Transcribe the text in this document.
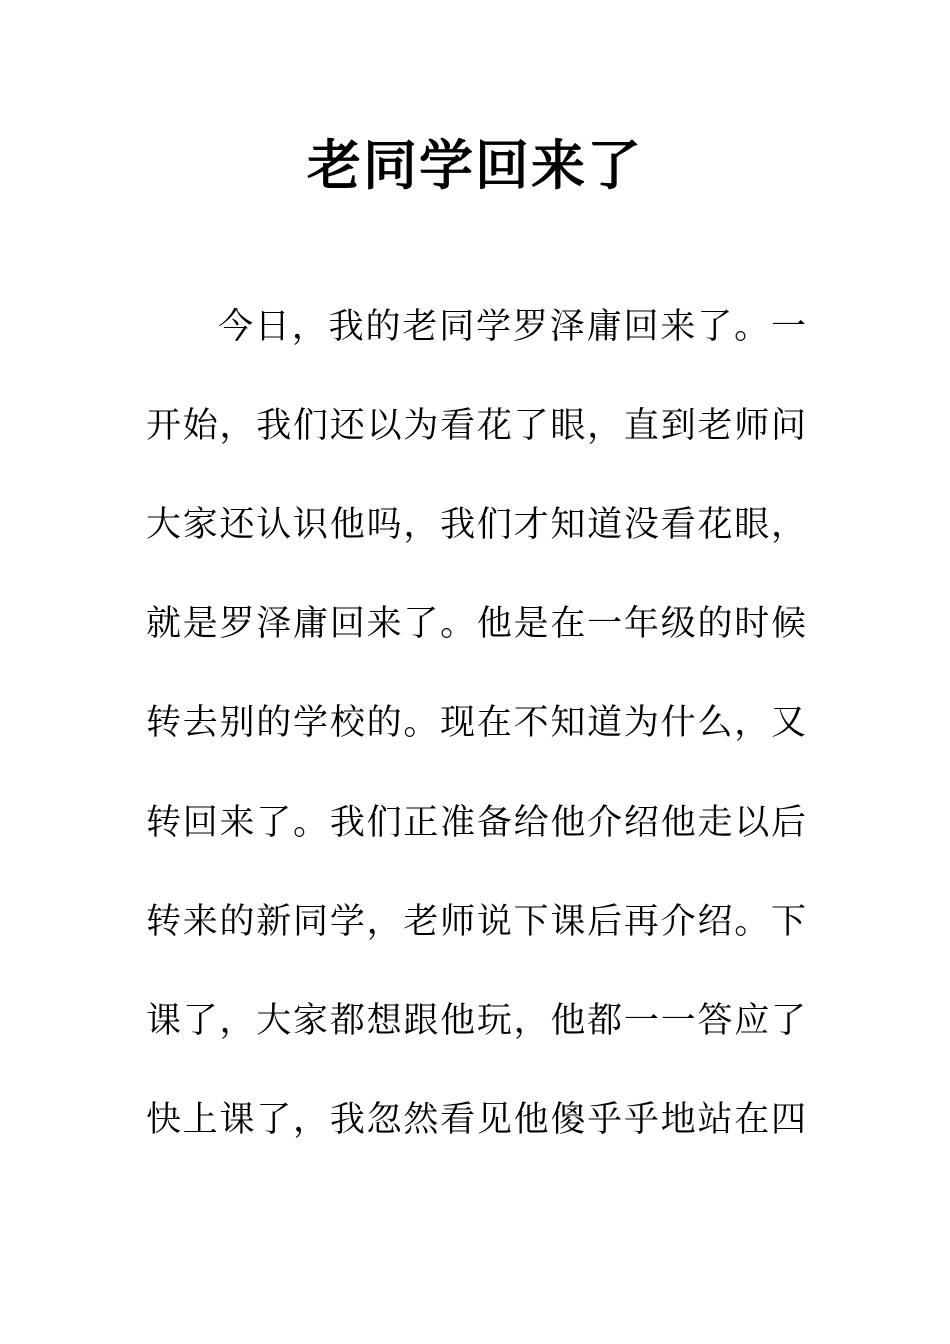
老同学回来了
今日，我的老同学罗泽庸回来了。一
开始，我们还以为看花了眼，直到老师问
大家还认识他吗，我们才知道没看花眼，
就是罗泽庸回来了。他是在一年级的时候
转去别的学校的。现在不知道为什么，又
转回来了。我们正准备给他介绍他走以后
转来的新同学，老师说下课后再介绍。下
课了，大家都想跟他玩，他都一一答应了
快上课了，我忽然看见他傻乎乎地站在四
